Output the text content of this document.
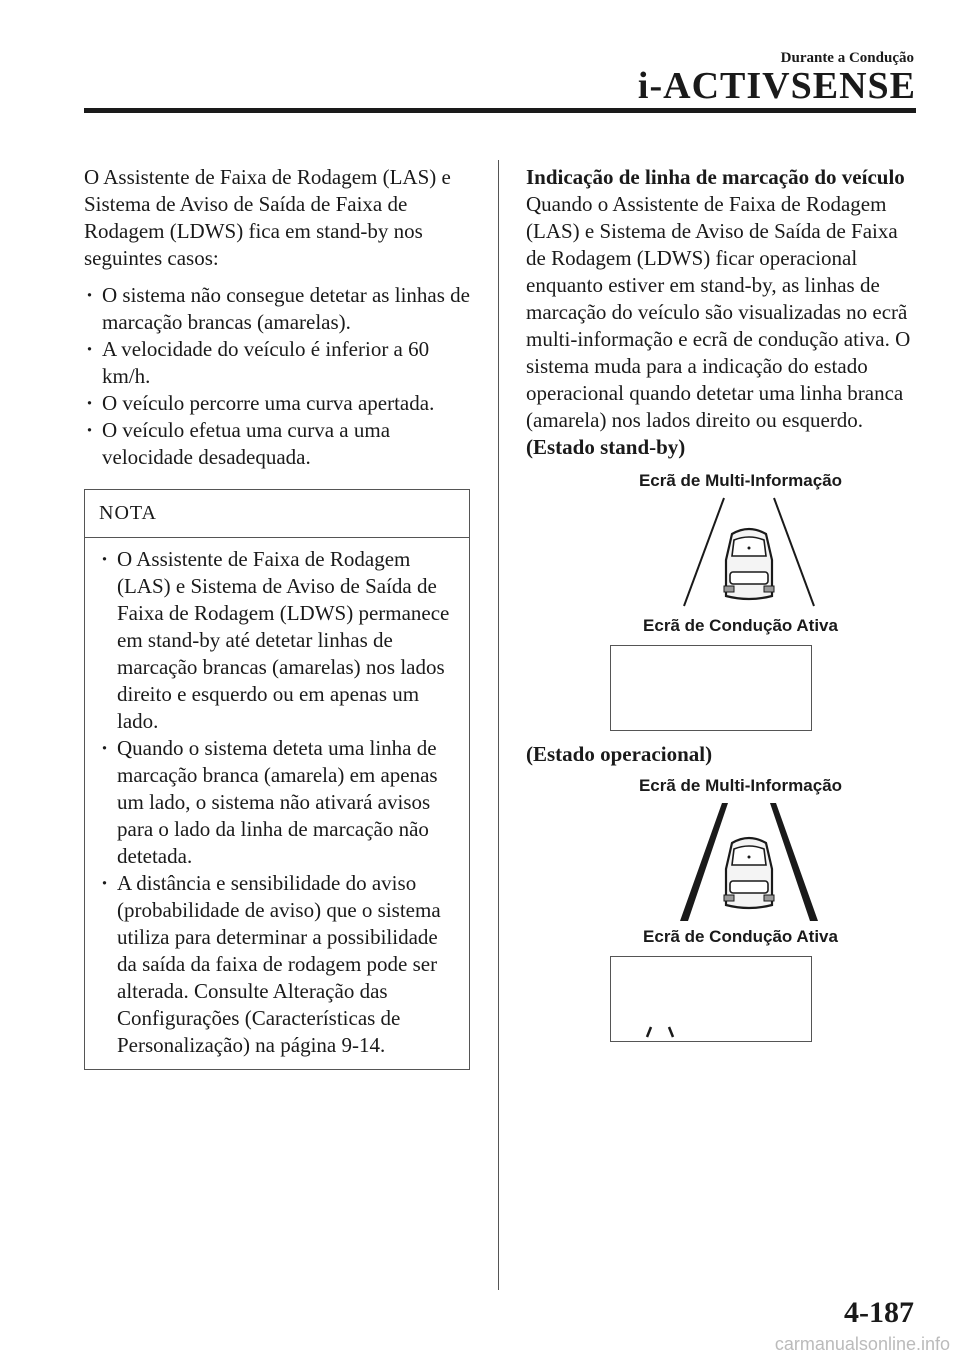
Durante a Condução
i-ACTIVSENSE

O Assistente de Faixa de Rodagem (LAS) e Sistema de Aviso de Saída de Faixa de Rodagem (LDWS) fica em stand-by nos seguintes casos:

· O sistema não consegue detetar as linhas de marcação brancas (amarelas).
· A velocidade do veículo é inferior a 60 km/h.
· O veículo percorre uma curva apertada.
· O veículo efetua uma curva a uma velocidade desadequada.
NOTA
· O Assistente de Faixa de Rodagem (LAS) e Sistema de Aviso de Saída de Faixa de Rodagem (LDWS) permanece em stand-by até detetar linhas de marcação brancas (amarelas) nos lados direito e esquerdo ou em apenas um lado.
· Quando o sistema deteta uma linha de marcação branca (amarela) em apenas um lado, o sistema não ativará avisos para o lado da linha de marcação não detetada.
· A distância e sensibilidade do aviso (probabilidade de aviso) que o sistema utiliza para determinar a possibilidade da saída da faixa de rodagem pode ser alterada. Consulte Alteração das Configurações (Características de Personalização) na página 9-14.

Indicação de linha de marcação do veículo

Quando o Assistente de Faixa de Rodagem (LAS) e Sistema de Aviso de Saída de Faixa de Rodagem (LDWS) ficar operacional enquanto estiver em stand-by, as linhas de marcação do veículo são visualizadas no ecrã multi-informação e ecrã de condução ativa. O sistema muda para a indicação do estado operacional quando detetar uma linha branca (amarela) nos lados direito ou esquerdo.

(Estado stand-by)

Ecrã de Multi-Informação
Ecrã de Condução Ativa

(Estado operacional)

Ecrã de Multi-Informação
Ecrã de Condução Ativa
4-187
carmanualsonline.info
